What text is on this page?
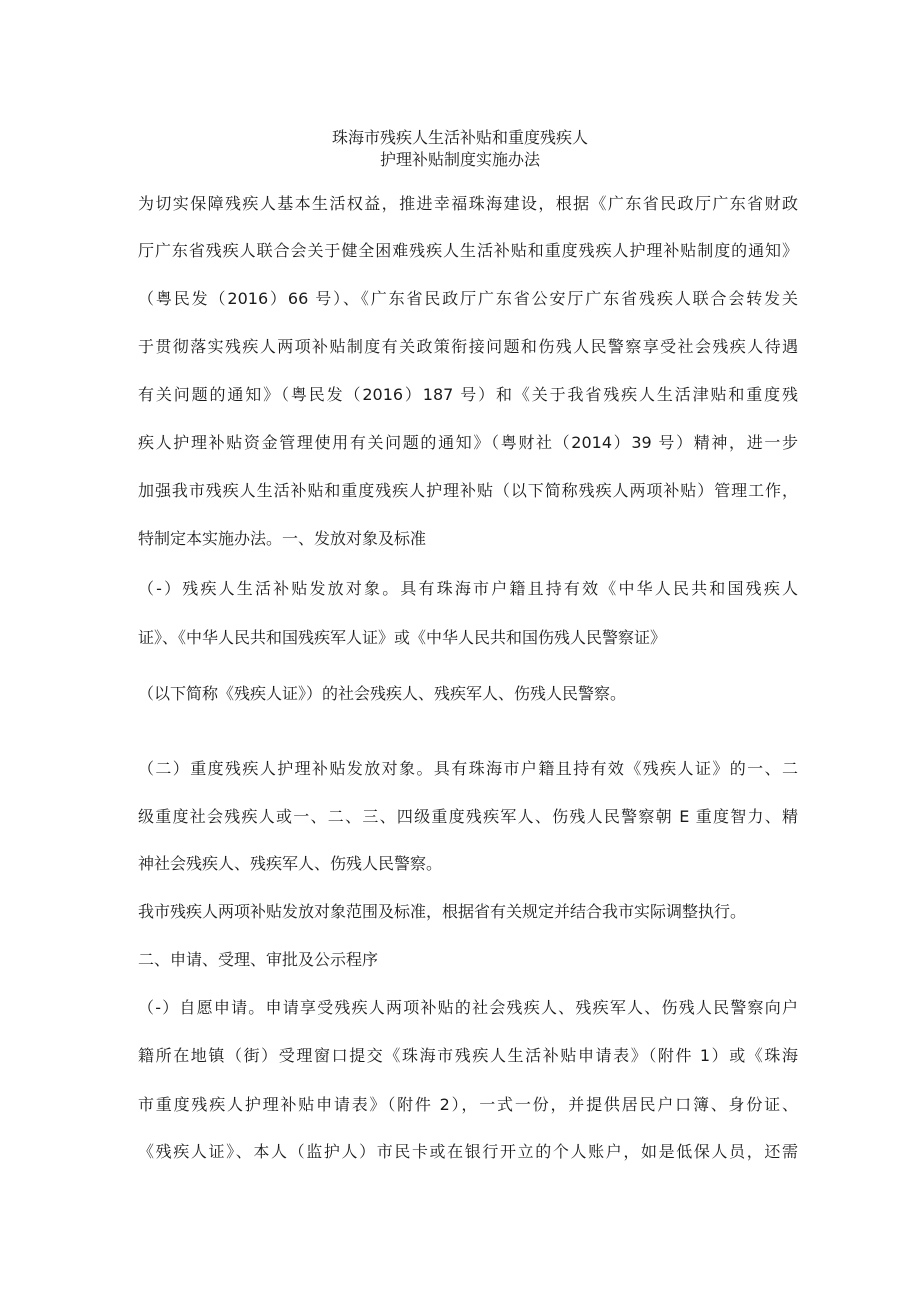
珠海市残疾人生活补贴和重度残疾人
护理补贴制度实施办法

为切实保障残疾人基本生活权益，推进幸福珠海建设，根据《广东省民政厅广东省财政

厅广东省残疾人联合会关于健全困难残疾人生活补贴和重度残疾人护理补贴制度的通知》

（粤民发（2016）66 号）、《广东省民政厅广东省公安厅广东省残疾人联合会转发关

于贯彻落实残疾人两项补贴制度有关政策衔接问题和伤残人民警察享受社会残疾人待遇

有关问题的通知》（粤民发（2016）187 号）和《关于我省残疾人生活津贴和重度残

疾人护理补贴资金管理使用有关问题的通知》（粤财社（2014）39 号）精神，进一步

加强我市残疾人生活补贴和重度残疾人护理补贴（以下简称残疾人两项补贴）管理工作，

特制定本实施办法。一、发放对象及标准

（-）残疾人生活补贴发放对象。具有珠海市户籍且持有效《中华人民共和国残疾人

证》、《中华人民共和国残疾军人证》或《中华人民共和国伤残人民警察证》

（以下简称《残疾人证》）的社会残疾人、残疾军人、伤残人民警察。

（二）重度残疾人护理补贴发放对象。具有珠海市户籍且持有效《残疾人证》的一、二

级重度社会残疾人或一、二、三、四级重度残疾军人、伤残人民警察朝 E 重度智力、精

神社会残疾人、残疾军人、伤残人民警察。

我市残疾人两项补贴发放对象范围及标准，根据省有关规定并结合我市实际调整执行。

二、申请、受理、审批及公示程序

（-）自愿申请。申请享受残疾人两项补贴的社会残疾人、残疾军人、伤残人民警察向户

籍所在地镇（街）受理窗口提交《珠海市残疾人生活补贴申请表》（附件 1）或《珠海

市重度残疾人护理补贴申请表》（附件 2），一式一份，并提供居民户口簿、身份证、

《残疾人证》、本人（监护人）市民卡或在银行开立的个人账户，如是低保人员，还需
